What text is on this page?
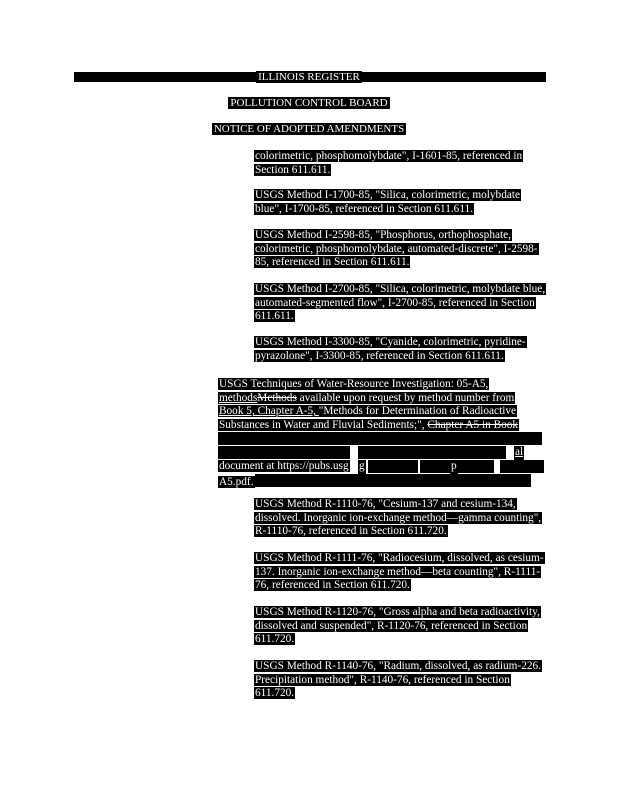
ILLINOIS REGISTER
POLLUTION CONTROL BOARD
NOTICE OF ADOPTED AMENDMENTS

colorimetric, phosphomolybdate", I-1601-85, referenced in Section 611.611.

USGS Method I-1700-85, "Silica, colorimetric, molybdate blue", I-1700-85, referenced in Section 611.611.

USGS Method I-2598-85, "Phosphorus, orthophosphate, colorimetric, phosphomolybdate, automated-discrete", I-2598-85, referenced in Section 611.611.

USGS Method I-2700-85, "Silica, colorimetric, molybdate blue, automated-segmented flow", I-2700-85, referenced in Section 611.611.

USGS Method I-3300-85, "Cyanide, colorimetric, pyridine-pyrazolone", I-3300-85, referenced in Section 611.611.

USGS Techniques of Water-Resource Investigation: 05-A5,
methodsMethods available upon request by method number from
Book 5, Chapter A-5, "Methods for Determination of Radioactive
Substances in Water and Fluvial Sediments;", Chapter A5 in Book
al
document at https://pubs.usg g	p
A5.pdf.

USGS Method R-1110-76, "Cesium-137 and cesium-134, dissolved. Inorganic ion-exchange method—gamma counting", R-1110-76, referenced in Section 611.720.

USGS Method R-1111-76, "Radiocesium, dissolved, as cesium-137. Inorganic ion-exchange method—beta counting", R-1111-76, referenced in Section 611.720.

USGS Method R-1120-76, "Gross alpha and beta radioactivity, dissolved and suspended", R-1120-76, referenced in Section 611.720.

USGS Method R-1140-76, "Radium, dissolved, as radium-226. Precipitation method", R-1140-76, referenced in Section 611.720.
